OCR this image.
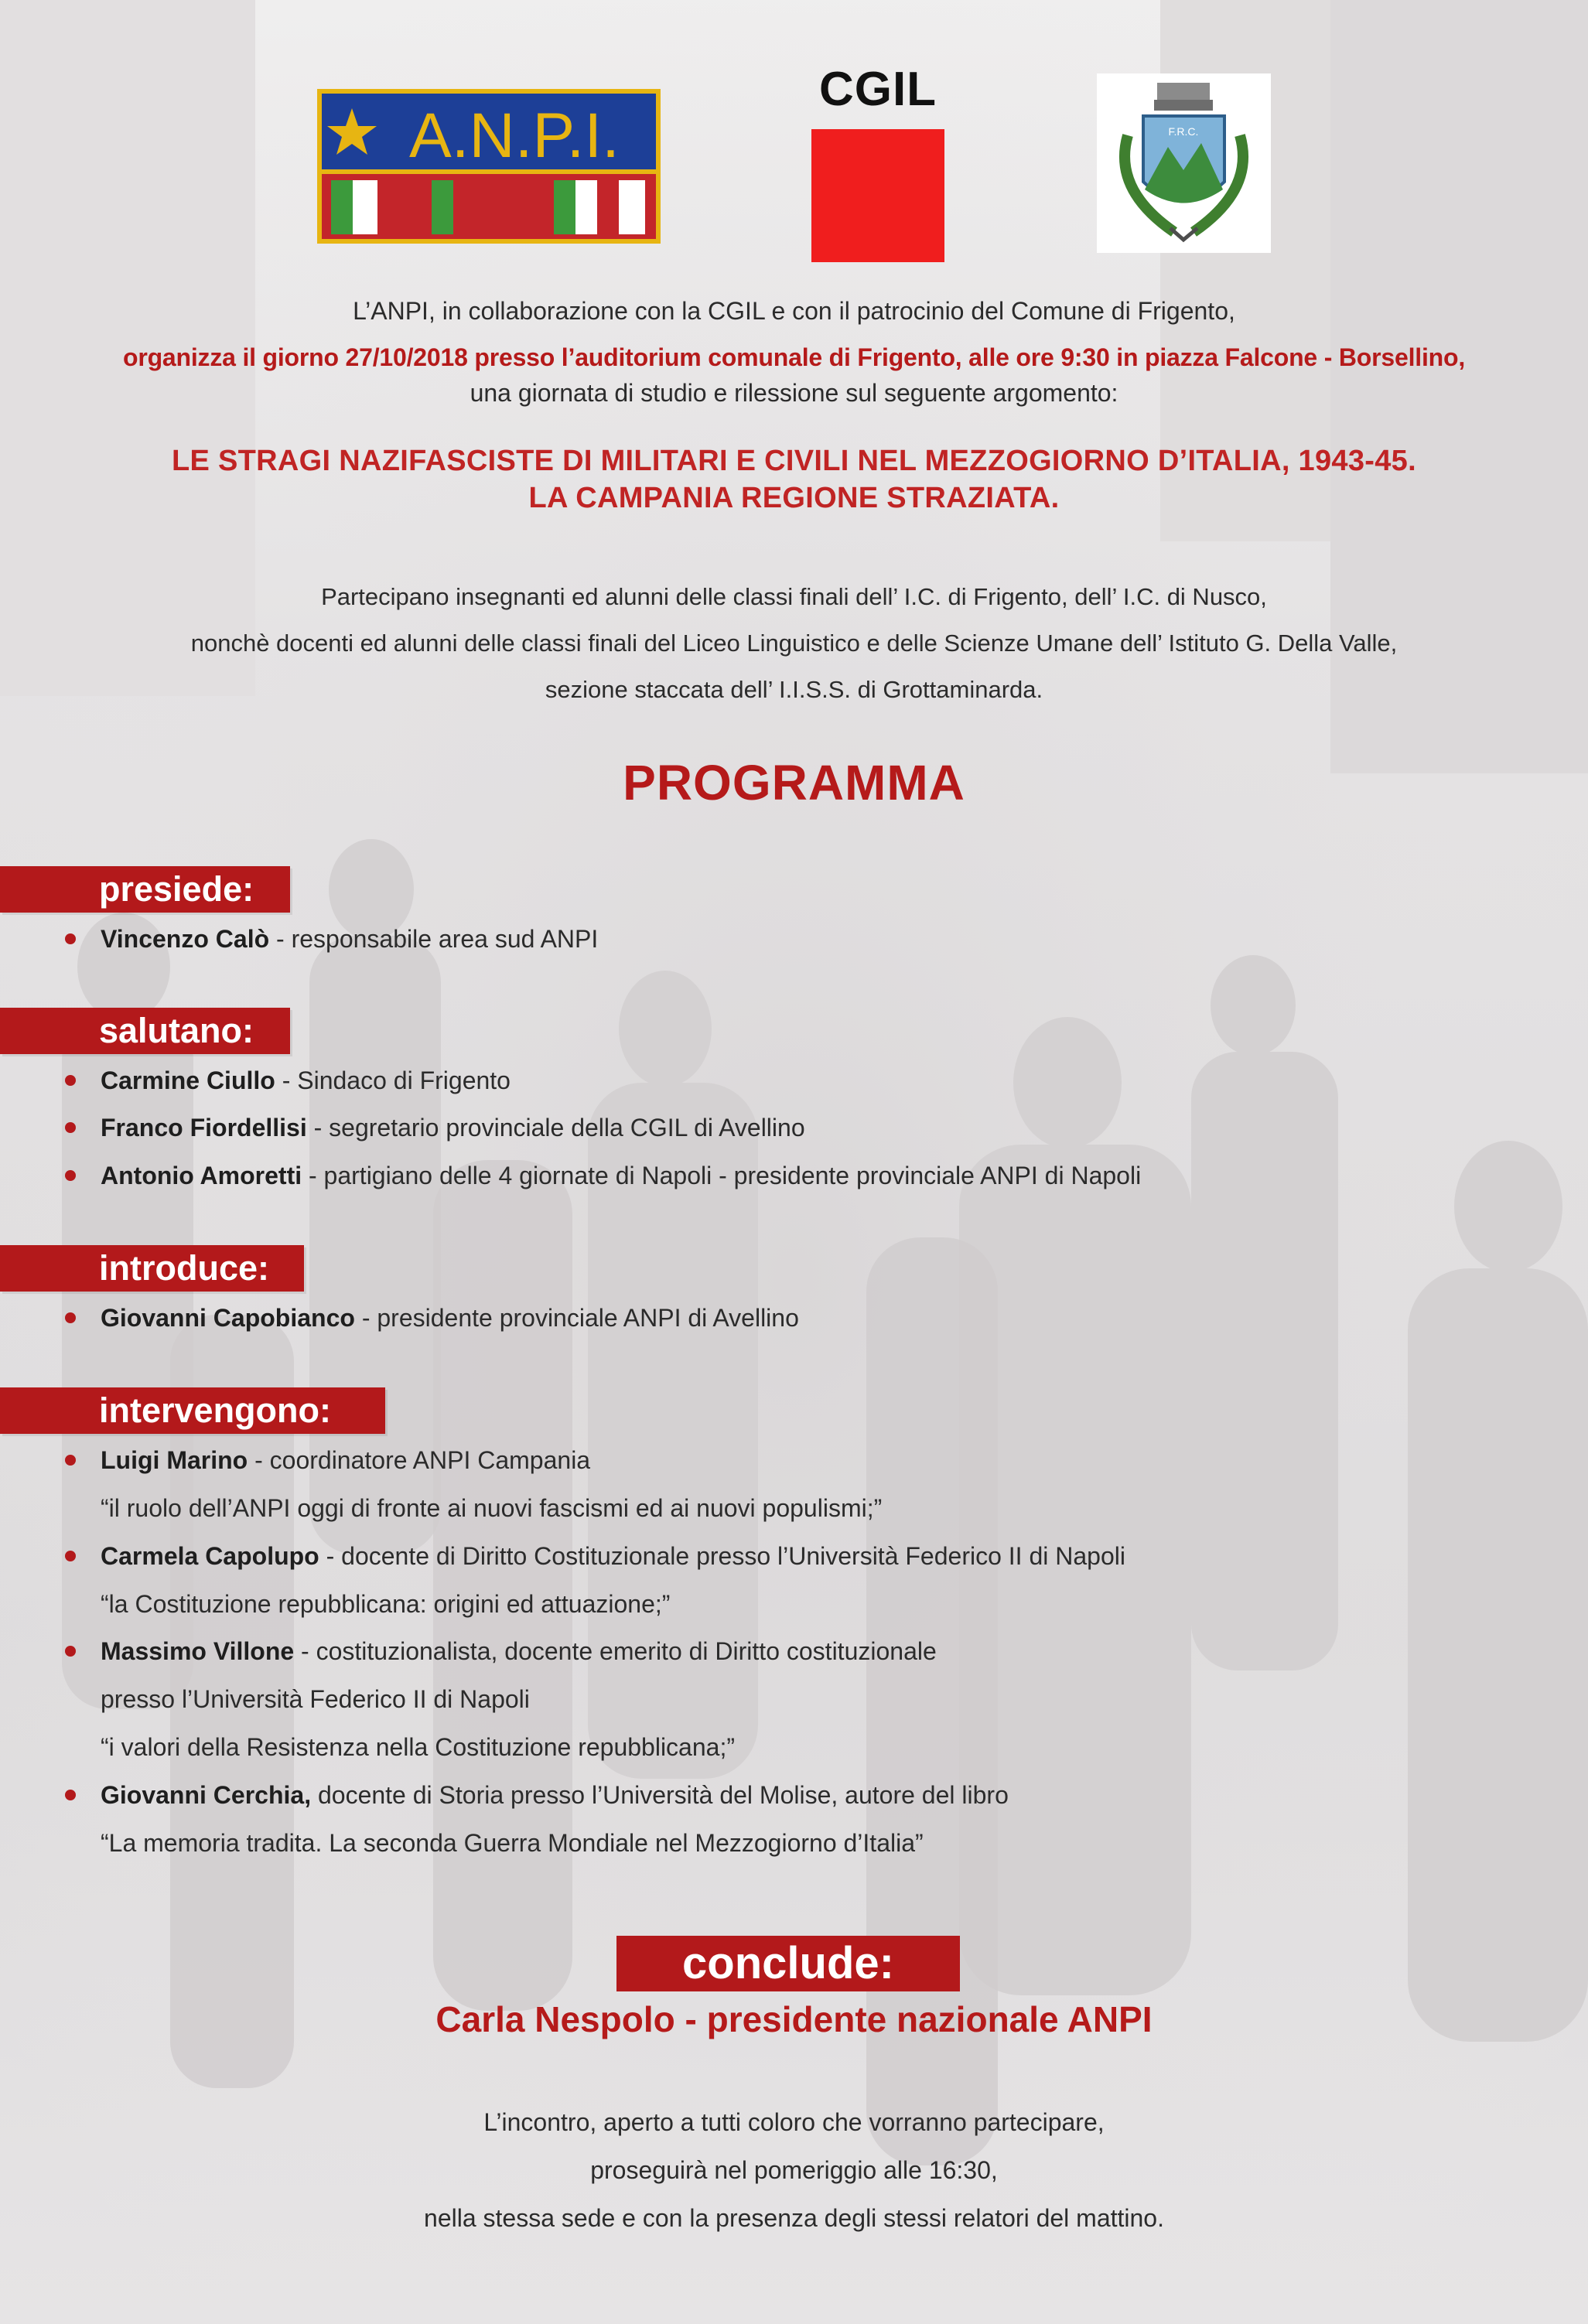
A.N.P.I.
CGIL
F.R.C.
L’ANPI, in collaborazione con la CGIL e con il patrocinio del Comune di Frigento,
organizza il giorno 27/10/2018 presso l’auditorium comunale di Frigento, alle ore 9:30 in piazza Falcone - Borsellino,
una giornata di studio e rilessione sul seguente argomento:
LE STRAGI NAZIFASCISTE DI MILITARI E CIVILI NEL MEZZOGIORNO D’ITALIA, 1943-45.
LA CAMPANIA REGIONE STRAZIATA.
Partecipano insegnanti ed alunni delle classi finali dell’ I.C. di Frigento, dell’ I.C. di Nusco,
nonchè docenti ed alunni delle classi finali del Liceo Linguistico e delle Scienze Umane dell’ Istituto G. Della Valle,
sezione staccata dell’ I.I.S.S. di Grottaminarda.
PROGRAMMA
presiede:
Vincenzo Calò - responsabile area sud ANPI
salutano:
Carmine Ciullo - Sindaco di Frigento
Franco Fiordellisi - segretario provinciale della CGIL di Avellino
Antonio Amoretti - partigiano delle 4 giornate di Napoli - presidente provinciale ANPI di Napoli
introduce:
Giovanni Capobianco - presidente provinciale ANPI di Avellino
intervengono:
Luigi Marino - coordinatore ANPI Campania
“il ruolo dell’ANPI oggi di fronte ai nuovi fascismi ed ai nuovi populismi;”
Carmela Capolupo - docente di Diritto Costituzionale presso l’Università Federico II di Napoli
“la Costituzione repubblicana: origini ed attuazione;”
Massimo Villone - costituzionalista, docente emerito di Diritto costituzionale
presso l’Università Federico II di Napoli
“i valori della Resistenza nella Costituzione repubblicana;”
Giovanni Cerchia, docente di Storia presso l’Università del Molise, autore del libro
“La memoria tradita. La seconda Guerra Mondiale nel Mezzogiorno d’Italia”
conclude:
Carla Nespolo - presidente nazionale ANPI
L’incontro, aperto a tutti coloro che vorranno partecipare,
proseguirà nel pomeriggio alle 16:30,
nella stessa sede e con la presenza degli stessi relatori del mattino.
